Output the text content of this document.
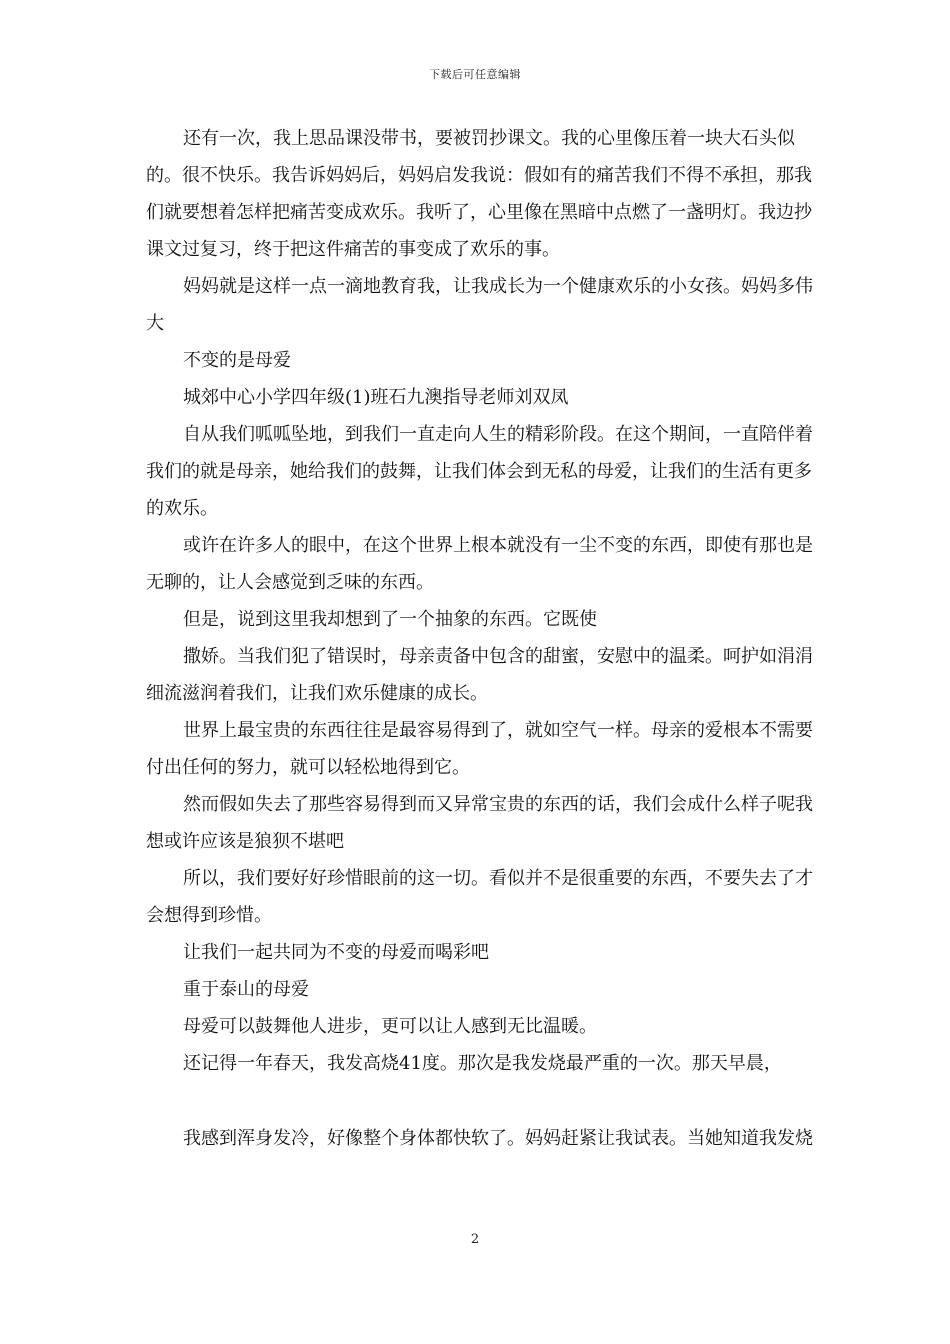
下载后可任意编辑

还有一次，我上思品课没带书，要被罚抄课文。我的心里像压着一块大石头似的。很不快乐。我告诉妈妈后，妈妈启发我说：假如有的痛苦我们不得不承担，那我们就要想着怎样把痛苦变成欢乐。我听了，心里像在黑暗中点燃了一盏明灯。我边抄课文过复习，终于把这件痛苦的事变成了欢乐的事。

妈妈就是这样一点一滴地教育我，让我成长为一个健康欢乐的小女孩。妈妈多伟大

不变的是母爱

城郊中心小学四年级(1)班石九澳指导老师刘双凤

自从我们呱呱坠地，到我们一直走向人生的精彩阶段。在这个期间，一直陪伴着我们的就是母亲，她给我们的鼓舞，让我们体会到无私的母爱，让我们的生活有更多的欢乐。

或许在许多人的眼中，在这个世界上根本就没有一尘不变的东西，即使有那也是无聊的，让人会感觉到乏味的东西。

但是，说到这里我却想到了一个抽象的东西。它既使

撒娇。当我们犯了错误时，母亲责备中包含的甜蜜，安慰中的温柔。呵护如涓涓细流滋润着我们，让我们欢乐健康的成长。

世界上最宝贵的东西往往是最容易得到了，就如空气一样。母亲的爱根本不需要付出任何的努力，就可以轻松地得到它。

然而假如失去了那些容易得到而又异常宝贵的东西的话，我们会成什么样子呢我想或许应该是狼狈不堪吧

所以，我们要好好珍惜眼前的这一切。看似并不是很重要的东西，不要失去了才会想得到珍惜。

让我们一起共同为不变的母爱而喝彩吧

重于泰山的母爱

母爱可以鼓舞他人进步，更可以让人感到无比温暖。

还记得一年春天，我发高烧41度。那次是我发烧最严重的一次。那天早晨，

我感到浑身发冷，好像整个身体都快软了。妈妈赶紧让我试表。当她知道我发烧

2
